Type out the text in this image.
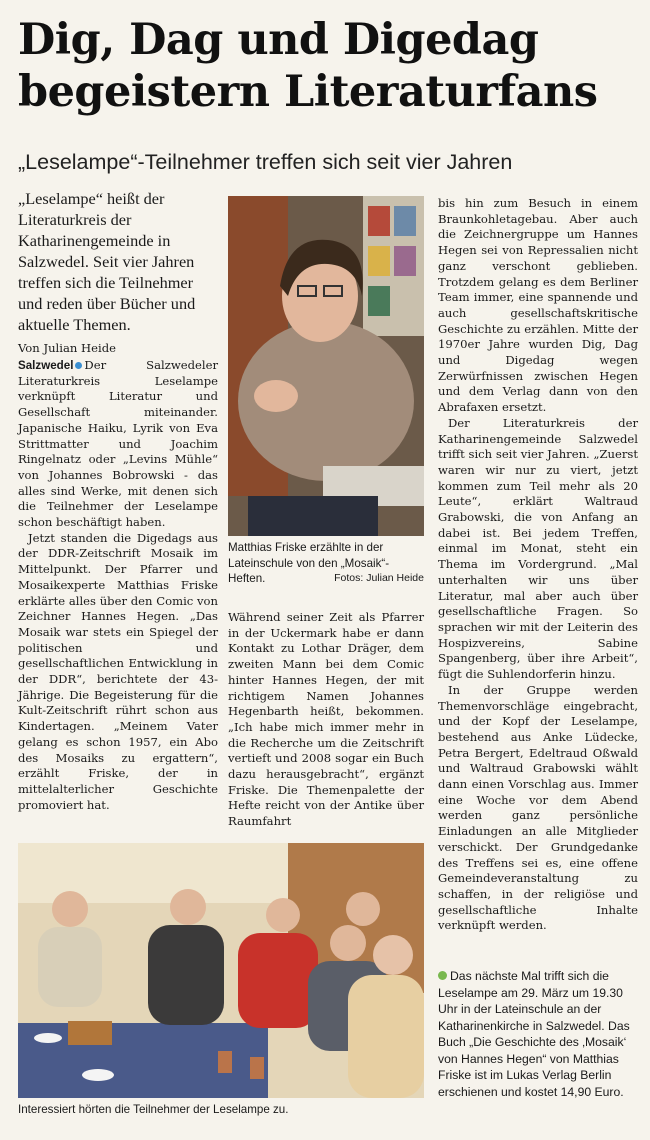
Dig, Dag und Digedag begeistern Literaturfans
„Leselampe“-Teilnehmer treffen sich seit vier Jahren
„Leselampe“ heißt der Literaturkreis der Katharinengemeinde in Salzwedel. Seit vier Jahren treffen sich die Teilnehmer und reden über Bücher und aktuelle Themen.
Von Julian Heide

Salzwedel Der Salzwedeler Literaturkreis Leselampe verknüpft Literatur und Gesellschaft miteinander. Japanische Haiku, Lyrik von Eva Strittmatter und Joachim Ringelnatz oder „Levins Mühle“ von Johannes Bobrowski - das alles sind Werke, mit denen sich die Teilnehmer der Leselampe schon beschäftigt haben.

Jetzt standen die Digedags aus der DDR-Zeitschrift Mosaik im Mittelpunkt. Der Pfarrer und Mosaikexperte Matthias Friske erklärte alles über den Comic von Zeichner Hannes Hegen. „Das Mosaik war stets ein Spiegel der politischen und gesellschaftlichen Entwicklung in der DDR“, berichtete der 43-Jährige. Die Begeisterung für die Kult-Zeitschrift rührt schon aus Kindertagen. „Meinem Vater gelang es schon 1957, ein Abo des Mosaiks zu ergattern“, erzählt Friske, der in mittelalterlicher Geschichte promoviert hat.

Matthias Friske erzählte in der Lateinschule von den „Mosaik“-Heften.	Fotos: Julian Heide

Während seiner Zeit als Pfarrer in der Uckermark habe er dann Kontakt zu Lothar Dräger, dem zweiten Mann bei dem Comic hinter Hannes Hegen, der mit richtigem Namen Johannes Hegenbarth heißt, bekommen. „Ich habe mich immer mehr in die Recherche um die Zeitschrift vertieft und 2008 sogar ein Buch dazu herausgebracht“, ergänzt Friske. Die Themenpalette der Hefte reicht von der Antike über Raumfahrt

bis hin zum Besuch in einem Braunkohletagebau. Aber auch die Zeichnergruppe um Hannes Hegen sei von Repressalien nicht ganz verschont geblieben. Trotzdem gelang es dem Berliner Team immer, eine spannende und auch gesellschaftskritische Geschichte zu erzählen. Mitte der 1970er Jahre wurden Dig, Dag und Digedag wegen Zerwürfnissen zwischen Hegen und dem Verlag dann von den Abrafaxen ersetzt.

Der Literaturkreis der Katharinengemeinde Salzwedel trifft sich seit vier Jahren. „Zuerst waren wir nur zu viert, jetzt kommen zum Teil mehr als 20 Leute“, erklärt Waltraud Grabowski, die von Anfang an dabei ist. Bei jedem Treffen, einmal im Monat, steht ein Thema im Vordergrund. „Mal unterhalten wir uns über Literatur, mal aber auch über gesellschaftliche Fragen. So sprachen wir mit der Leiterin des Hospizvereins, Sabine Spangenberg, über ihre Arbeit“, fügt die Suhlendorferin hinzu.

In der Gruppe werden Themenvorschläge eingebracht, und der Kopf der Leselampe, bestehend aus Anke Lüdecke, Petra Bergert, Edeltraud Oßwald und Waltraud Grabowski wählt dann einen Vorschlag aus. Immer eine Woche vor dem Abend werden ganz persönliche Einladungen an alle Mitglieder verschickt. Der Grundgedanke des Treffens sei es, eine offene Gemeindeveranstaltung zu schaffen, in der religiöse und gesellschaftliche Inhalte verknüpft werden.

Das nächste Mal trifft sich die Leselampe am 29. März um 19.30 Uhr in der Lateinschule an der Katharinenkirche in Salzwedel. Das Buch „Die Geschichte des ‚Mosaik‘ von Hannes Hegen“ von Matthias Friske ist im Lukas Verlag Berlin erschienen und kostet 14,90 Euro.
Interessiert hörten die Teilnehmer der Leselampe zu.
